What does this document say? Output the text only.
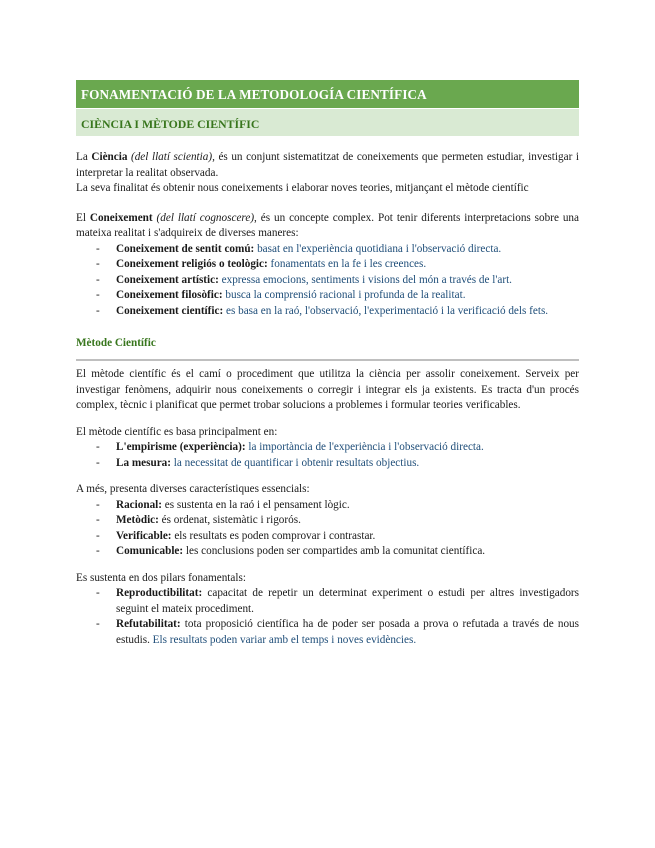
FONAMENTACIÓ DE LA METODOLOGÍA CIENTÍFICA
CIÈNCIA I MÈTODE CIENTÍFIC

La Ciència (del llatí scientia), és un conjunt sistematitzat de coneixements que permeten estudiar, investigar i interpretar la realitat observada.

La seva finalitat és obtenir nous coneixements i elaborar noves teories, mitjançant el mètode científic

El Coneixement (del llatí cognoscere), és un concepte complex. Pot tenir diferents interpretacions sobre una mateixa realitat i s'adquireix de diverses maneres:

- Coneixement de sentit comú: basat en l'experiència quotidiana i l'observació directa.
- Coneixement religiós o teològic: fonamentats en la fe i les creences.
- Coneixement artístic: expressa emocions, sentiments i visions del món a través de l'art.
- Coneixement filosòfic: busca la comprensió racional i profunda de la realitat.
- Coneixement científic: es basa en la raó, l'observació, l'experimentació i la verificació dels fets.
Mètode Científic

El mètode científic és el camí o procediment que utilitza la ciència per assolir coneixement. Serveix per investigar fenòmens, adquirir nous coneixements o corregir i integrar els ja existents. Es tracta d'un procés complex, tècnic i planificat que permet trobar solucions a problemes i formular teories verificables.

El mètode científic es basa principalment en:

- L'empirisme (experiència): la importància de l'experiència i l'observació directa.
- La mesura: la necessitat de quantificar i obtenir resultats objectius.

A més, presenta diverses característiques essencials:

- Racional: es sustenta en la raó i el pensament lògic.
- Metòdic: és ordenat, sistemàtic i rigorós.
- Verificable: els resultats es poden comprovar i contrastar.
- Comunicable: les conclusions poden ser compartides amb la comunitat científica.

Es sustenta en dos pilars fonamentals:

- Reproductibilitat: capacitat de repetir un determinat experiment o estudi per altres investigadors seguint el mateix procediment.
- Refutabilitat: tota proposició científica ha de poder ser posada a prova o refutada a través de nous estudis. Els resultats poden variar amb el temps i noves evidències.
